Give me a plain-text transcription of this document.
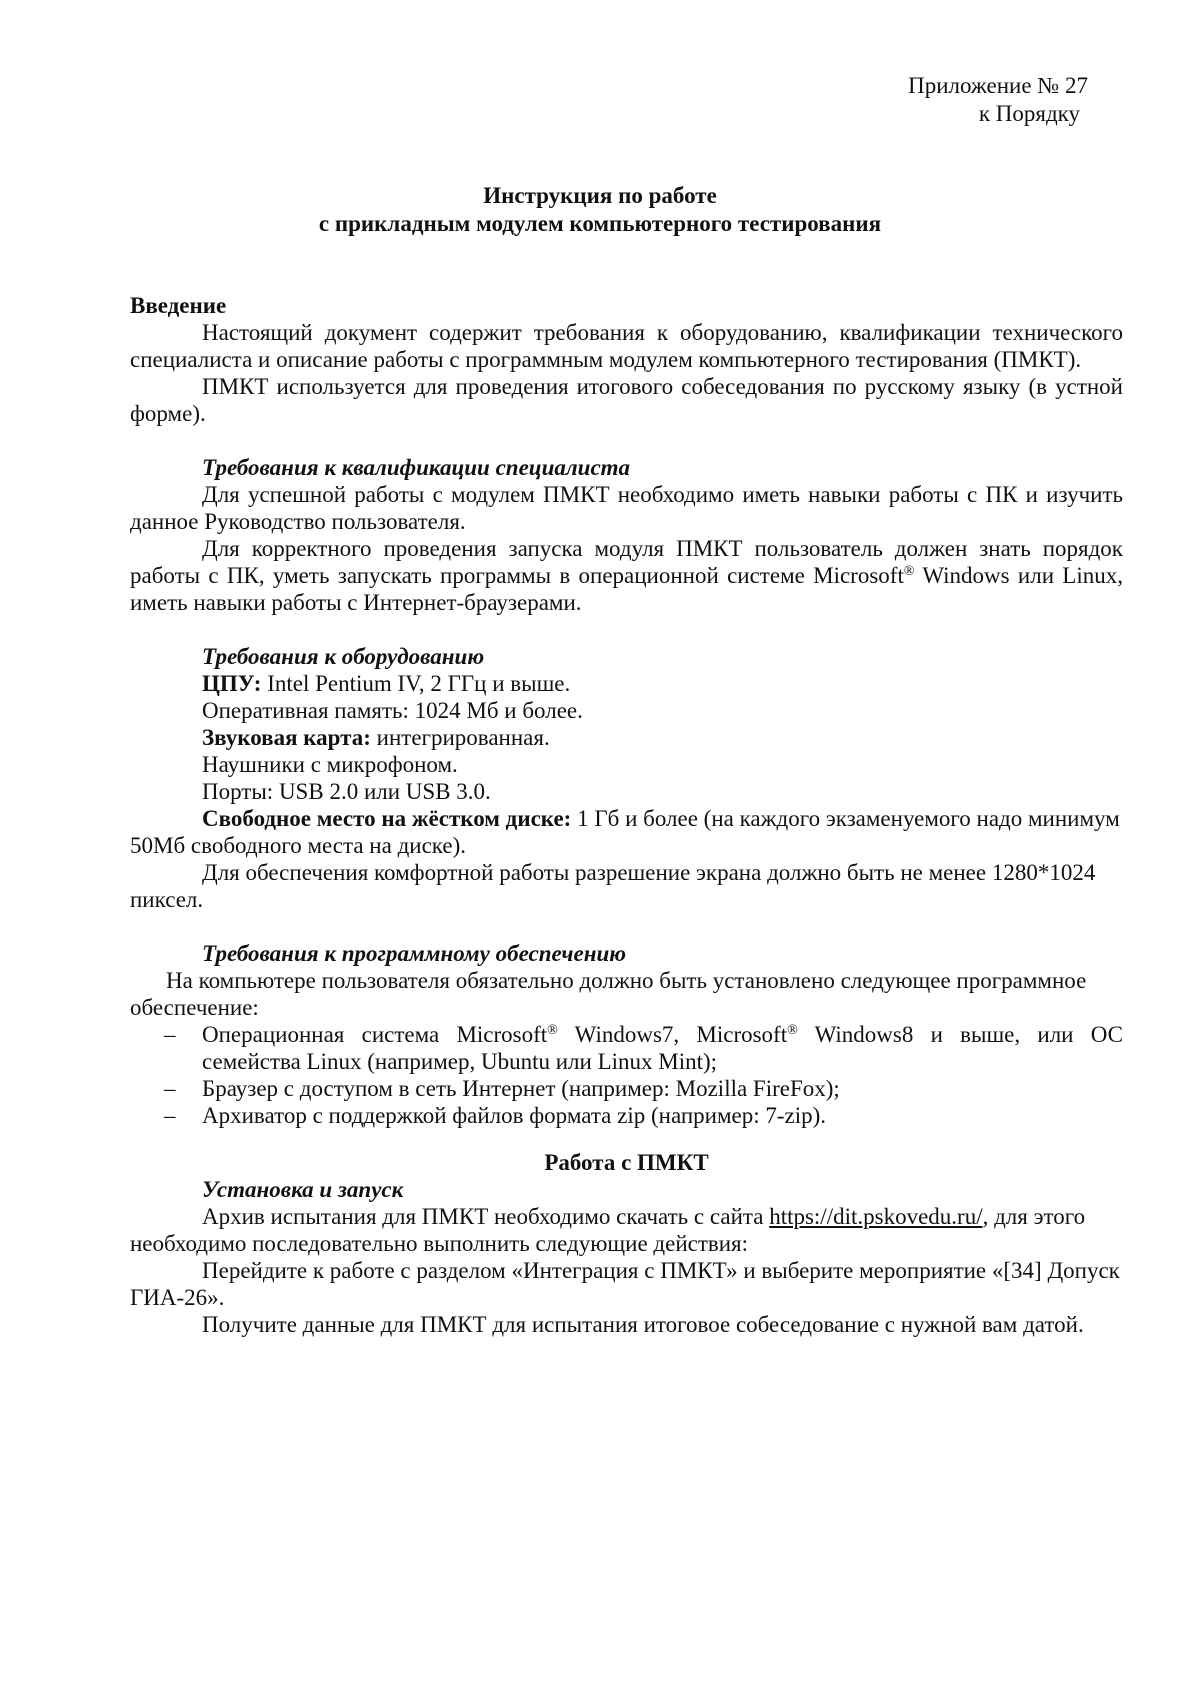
Приложение № 27
к Порядку
Инструкция по работе
с прикладным модулем компьютерного тестирования

Введение

Настоящий документ содержит требования к оборудованию, квалификации технического специалиста и описание работы с программным модулем компьютерного тестирования (ПМКТ).

ПМКТ используется для проведения итогового собеседования по русскому языку (в устной форме).

Требования к квалификации специалиста

Для успешной работы с модулем ПМКТ необходимо иметь навыки работы с ПК и изучить данное Руководство пользователя.

Для корректного проведения запуска модуля ПМКТ пользователь должен знать порядок работы с ПК, уметь запускать программы в операционной системе Microsoft® Windows или Linux, иметь навыки работы с Интернет-браузерами.

Требования к оборудованию

ЦПУ: Intel Pentium IV, 2 ГГц и выше.

Оперативная память: 1024 Мб и более.

Звуковая карта: интегрированная.

Наушники с микрофоном.

Порты: USB 2.0 или USB 3.0.

Свободное место на жёстком диске: 1 Гб и более (на каждого экзаменуемого надо минимум 50Мб свободного места на диске).

Для обеспечения комфортной работы разрешение экрана должно быть не менее 1280*1024 пиксел.

Требования к программному обеспечению

На компьютере пользователя обязательно должно быть установлено следующее программное обеспечение:

– Операционная система Microsoft® Windows7, Microsoft® Windows8 и выше, или ОС семейства Linux (например, Ubuntu или Linux Mint);
– Браузер с доступом в сеть Интернет (например: Mozilla FireFox);
– Архиватор с поддержкой файлов формата zip (например: 7-zip).

Работа с ПМКТ

Установка и запуск

Архив испытания для ПМКТ необходимо скачать с сайта https://dit.pskovedu.ru/, для этого необходимо последовательно выполнить следующие действия:

Перейдите к работе с разделом «Интеграция с ПМКТ» и выберите мероприятие «[34] Допуск ГИА-26».

Получите данные для ПМКТ для испытания итоговое собеседование с нужной вам датой.
